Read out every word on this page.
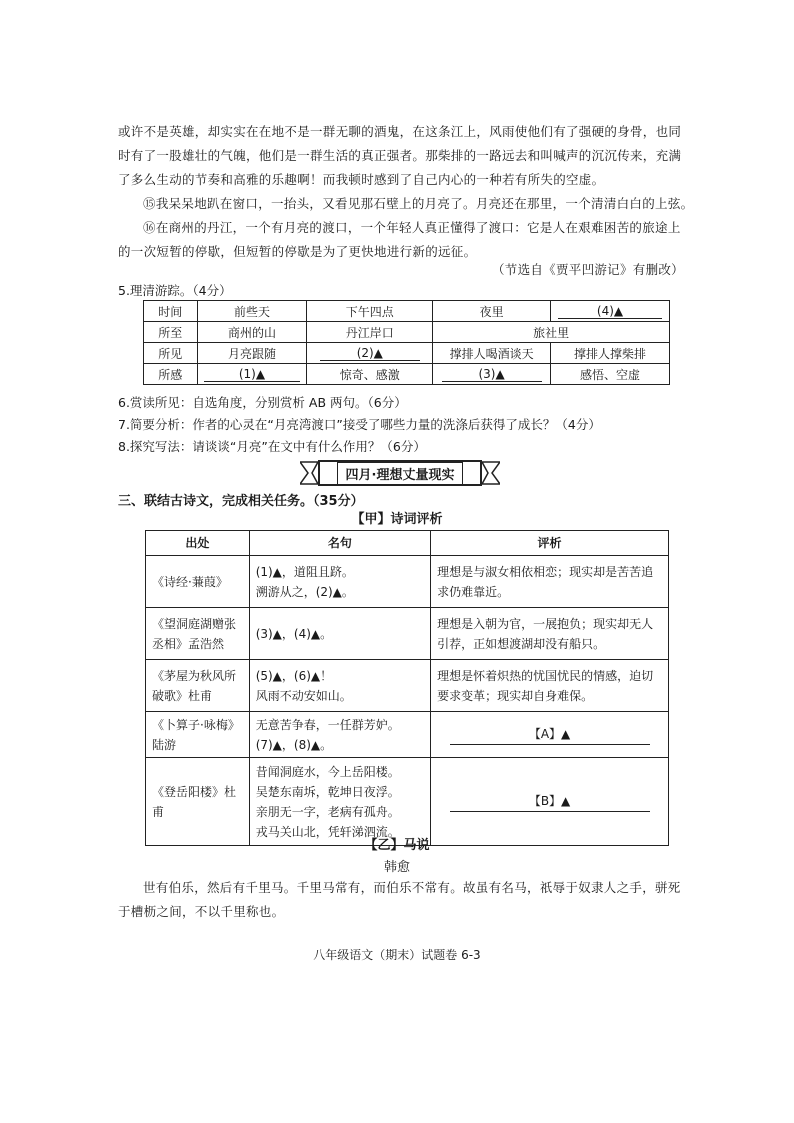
或许不是英雄，却实实在在地不是一群无聊的酒鬼，在这条江上，风雨使他们有了强硬的身骨，也同
时有了一股雄壮的气魄，他们是一群生活的真正强者。那柴排的一路远去和叫喊声的沉沉传来，充满
了多么生动的节奏和高雅的乐趣啊！而我顿时感到了自己内心的一种若有所失的空虚。
⑮我呆呆地趴在窗口，一抬头，又看见那石壁上的月亮了。月亮还在那里，一个清清白白的上弦。
⑯在商州的丹江，一个有月亮的渡口，一个年轻人真正懂得了渡口：它是人在艰难困苦的旅途上
的一次短暂的停歇，但短暂的停歇是为了更快地进行新的远征。
（节选自《贾平凹游记》有删改）
5.理清游踪。（4分）
时间	前些天	下午四点	夜里	(4)▲
所至	商州的山	丹江岸口	旅社里	
所见	月亮跟随	(2)▲	撑排人喝酒谈天	撑排人撑柴排
所感	(1)▲	惊奇、感激	(3)▲	感悟、空虚
6.赏读所见：自选角度，分别赏析 AB 两句。（6分）
7.简要分析：作者的心灵在“月亮湾渡口”接受了哪些力量的洗涤后获得了成长？（4分）
8.探究写法：请谈谈“月亮”在文中有什么作用？（6分）
四月·理想丈量现实
三、联结古诗文，完成相关任务。（35分）
【甲】诗词评析
出处	名句	评析
《诗经·蒹葭》	(1)▲，道阻且跻。
溯游从之，(2)▲。	理想是与淑女相依相恋；现实却是苦苦追求仍难靠近。
《望洞庭湖赠张丞相》孟浩然	(3)▲，(4)▲。	理想是入朝为官，一展抱负；现实却无人引荐，正如想渡湖却没有船只。
《茅屋为秋风所破歌》杜甫	(5)▲，(6)▲！
风雨不动安如山。	理想是怀着炽热的忧国忧民的情感，迫切要求变革；现实却自身难保。
《卜算子·咏梅》陆游	无意苦争春，一任群芳妒。
(7)▲，(8)▲。	【A】▲
《登岳阳楼》杜甫	昔闻洞庭水，今上岳阳楼。
吴楚东南坼，乾坤日夜浮。
亲朋无一字，老病有孤舟。
戎马关山北，凭轩涕泗流。	【B】▲
【乙】马说
韩愈
世有伯乐，然后有千里马。千里马常有，而伯乐不常有。故虽有名马，祇辱于奴隶人之手，骈死
于槽枥之间，不以千里称也。
八年级语文（期末）试题卷 6-3
